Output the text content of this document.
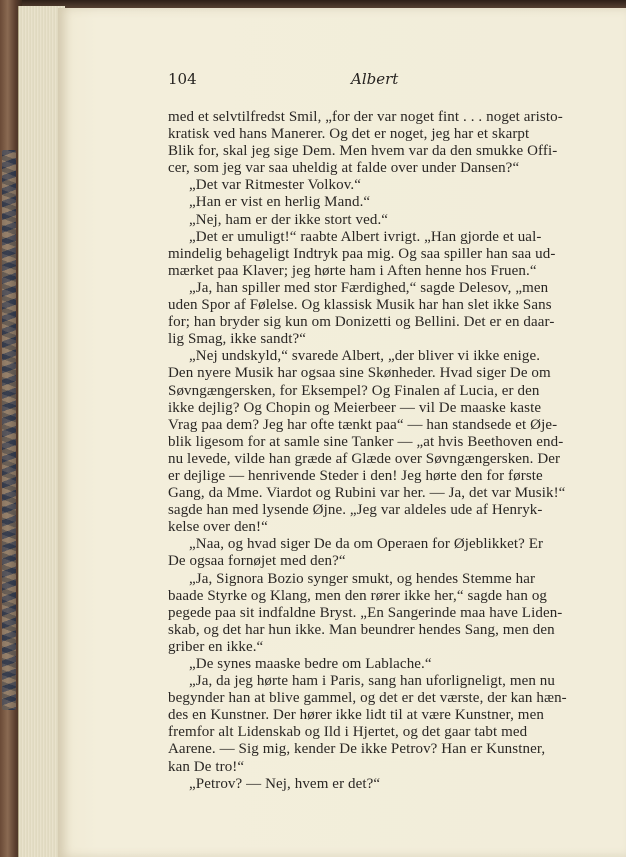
104	Albert
med et selvtilfredst Smil, „for der var noget fint . . . noget aristo-
kratisk ved hans Manerer. Og det er noget, jeg har et skarpt
Blik for, skal jeg sige Dem. Men hvem var da den smukke Offi-
cer, som jeg var saa uheldig at falde over under Dansen?“
„Det var Ritmester Volkov.“
„Han er vist en herlig Mand.“
„Nej, ham er der ikke stort ved.“
„Det er umuligt!“ raabte Albert ivrigt. „Han gjorde et ual-
mindelig behageligt Indtryk paa mig. Og saa spiller han saa ud-
mærket paa Klaver; jeg hørte ham i Aften henne hos Fruen.“
„Ja, han spiller med stor Færdighed,“ sagde Delesov, „men
uden Spor af Følelse. Og klassisk Musik har han slet ikke Sans
for; han bryder sig kun om Donizetti og Bellini. Det er en daar-
lig Smag, ikke sandt?“
„Nej undskyld,“ svarede Albert, „der bliver vi ikke enige.
Den nyere Musik har ogsaa sine Skønheder. Hvad siger De om
Søvngængersken, for Eksempel? Og Finalen af Lucia, er den
ikke dejlig? Og Chopin og Meierbeer — vil De maaske kaste
Vrag paa dem? Jeg har ofte tænkt paa“ — han standsede et Øje-
blik ligesom for at samle sine Tanker — „at hvis Beethoven end-
nu levede, vilde han græde af Glæde over Søvngængersken. Der
er dejlige — henrivende Steder i den! Jeg hørte den for første
Gang, da Mme. Viardot og Rubini var her. — Ja, det var Musik!“
sagde han med lysende Øjne. „Jeg var aldeles ude af Henryk-
kelse over den!“
„Naa, og hvad siger De da om Operaen for Øjeblikket? Er
De ogsaa fornøjet med den?“
„Ja, Signora Bozio synger smukt, og hendes Stemme har
baade Styrke og Klang, men den rører ikke her,“ sagde han og
pegede paa sit indfaldne Bryst. „En Sangerinde maa have Liden-
skab, og det har hun ikke. Man beundrer hendes Sang, men den
griber en ikke.“
„De synes maaske bedre om Lablache.“
„Ja, da jeg hørte ham i Paris, sang han uforligneligt, men nu
begynder han at blive gammel, og det er det værste, der kan hæn-
des en Kunstner. Der hører ikke lidt til at være Kunstner, men
fremfor alt Lidenskab og Ild i Hjertet, og det gaar tabt med
Aarene. — Sig mig, kender De ikke Petrov? Han er Kunstner,
kan De tro!“
„Petrov? — Nej, hvem er det?“
